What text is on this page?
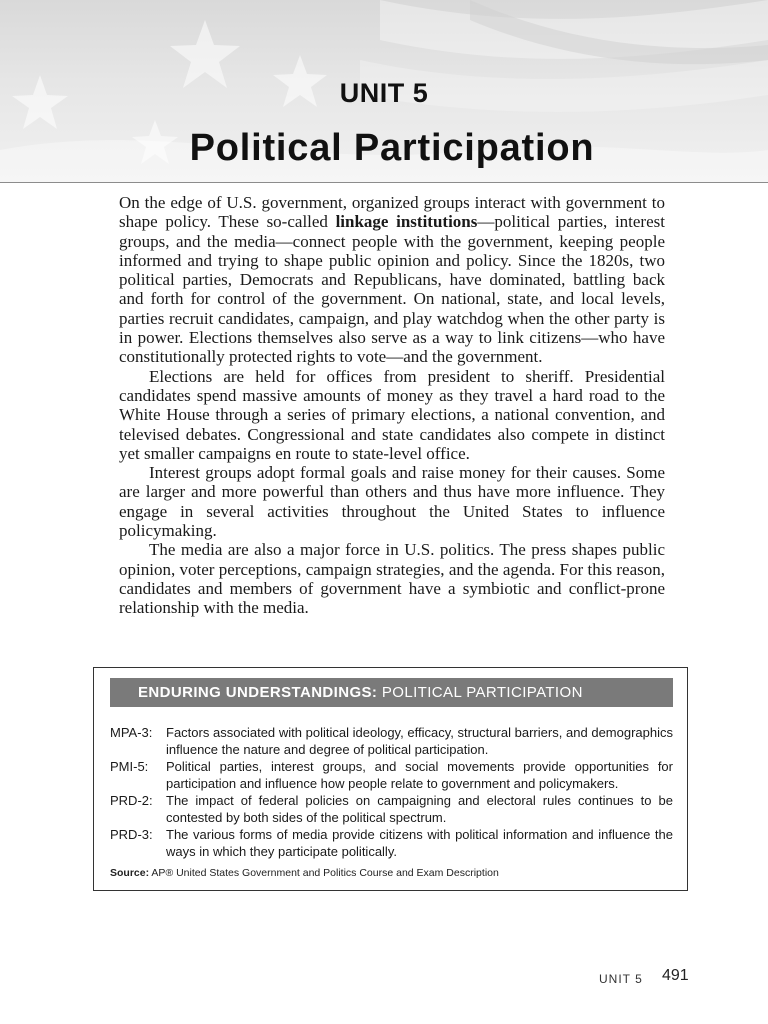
UNIT 5
Political Participation

On the edge of U.S. government, organized groups interact with government to shape policy. These so-called linkage institutions—political parties, interest groups, and the media—connect people with the government, keeping people informed and trying to shape public opinion and policy. Since the 1820s, two political parties, Democrats and Republicans, have dominated, battling back and forth for control of the government. On national, state, and local levels, parties recruit candidates, campaign, and play watchdog when the other party is in power. Elections themselves also serve as a way to link citizens—who have constitutionally protected rights to vote—and the government.

Elections are held for offices from president to sheriff. Presidential candidates spend massive amounts of money as they travel a hard road to the White House through a series of primary elections, a national convention, and televised debates. Congressional and state candidates also compete in distinct yet smaller campaigns en route to state-level office.

Interest groups adopt formal goals and raise money for their causes. Some are larger and more powerful than others and thus have more influence. They engage in several activities throughout the United States to influence policymaking.

The media are also a major force in U.S. politics. The press shapes public opinion, voter perceptions, campaign strategies, and the agenda. For this reason, candidates and members of government have a symbiotic and conflict-prone relationship with the media.

ENDURING UNDERSTANDINGS: POLITICAL PARTICIPATION
MPA-3:	Factors associated with political ideology, efficacy, structural barriers, and demographics influence the nature and degree of political participation.
PMI-5:	Political parties, interest groups, and social movements provide opportunities for participation and influence how people relate to government and policymakers.
PRD-2:	The impact of federal policies on campaigning and electoral rules continues to be contested by both sides of the political spectrum.
PRD-3:	The various forms of media provide citizens with political information and influence the ways in which they participate politically.
Source: AP® United States Government and Politics Course and Exam Description
UNIT 5 491
